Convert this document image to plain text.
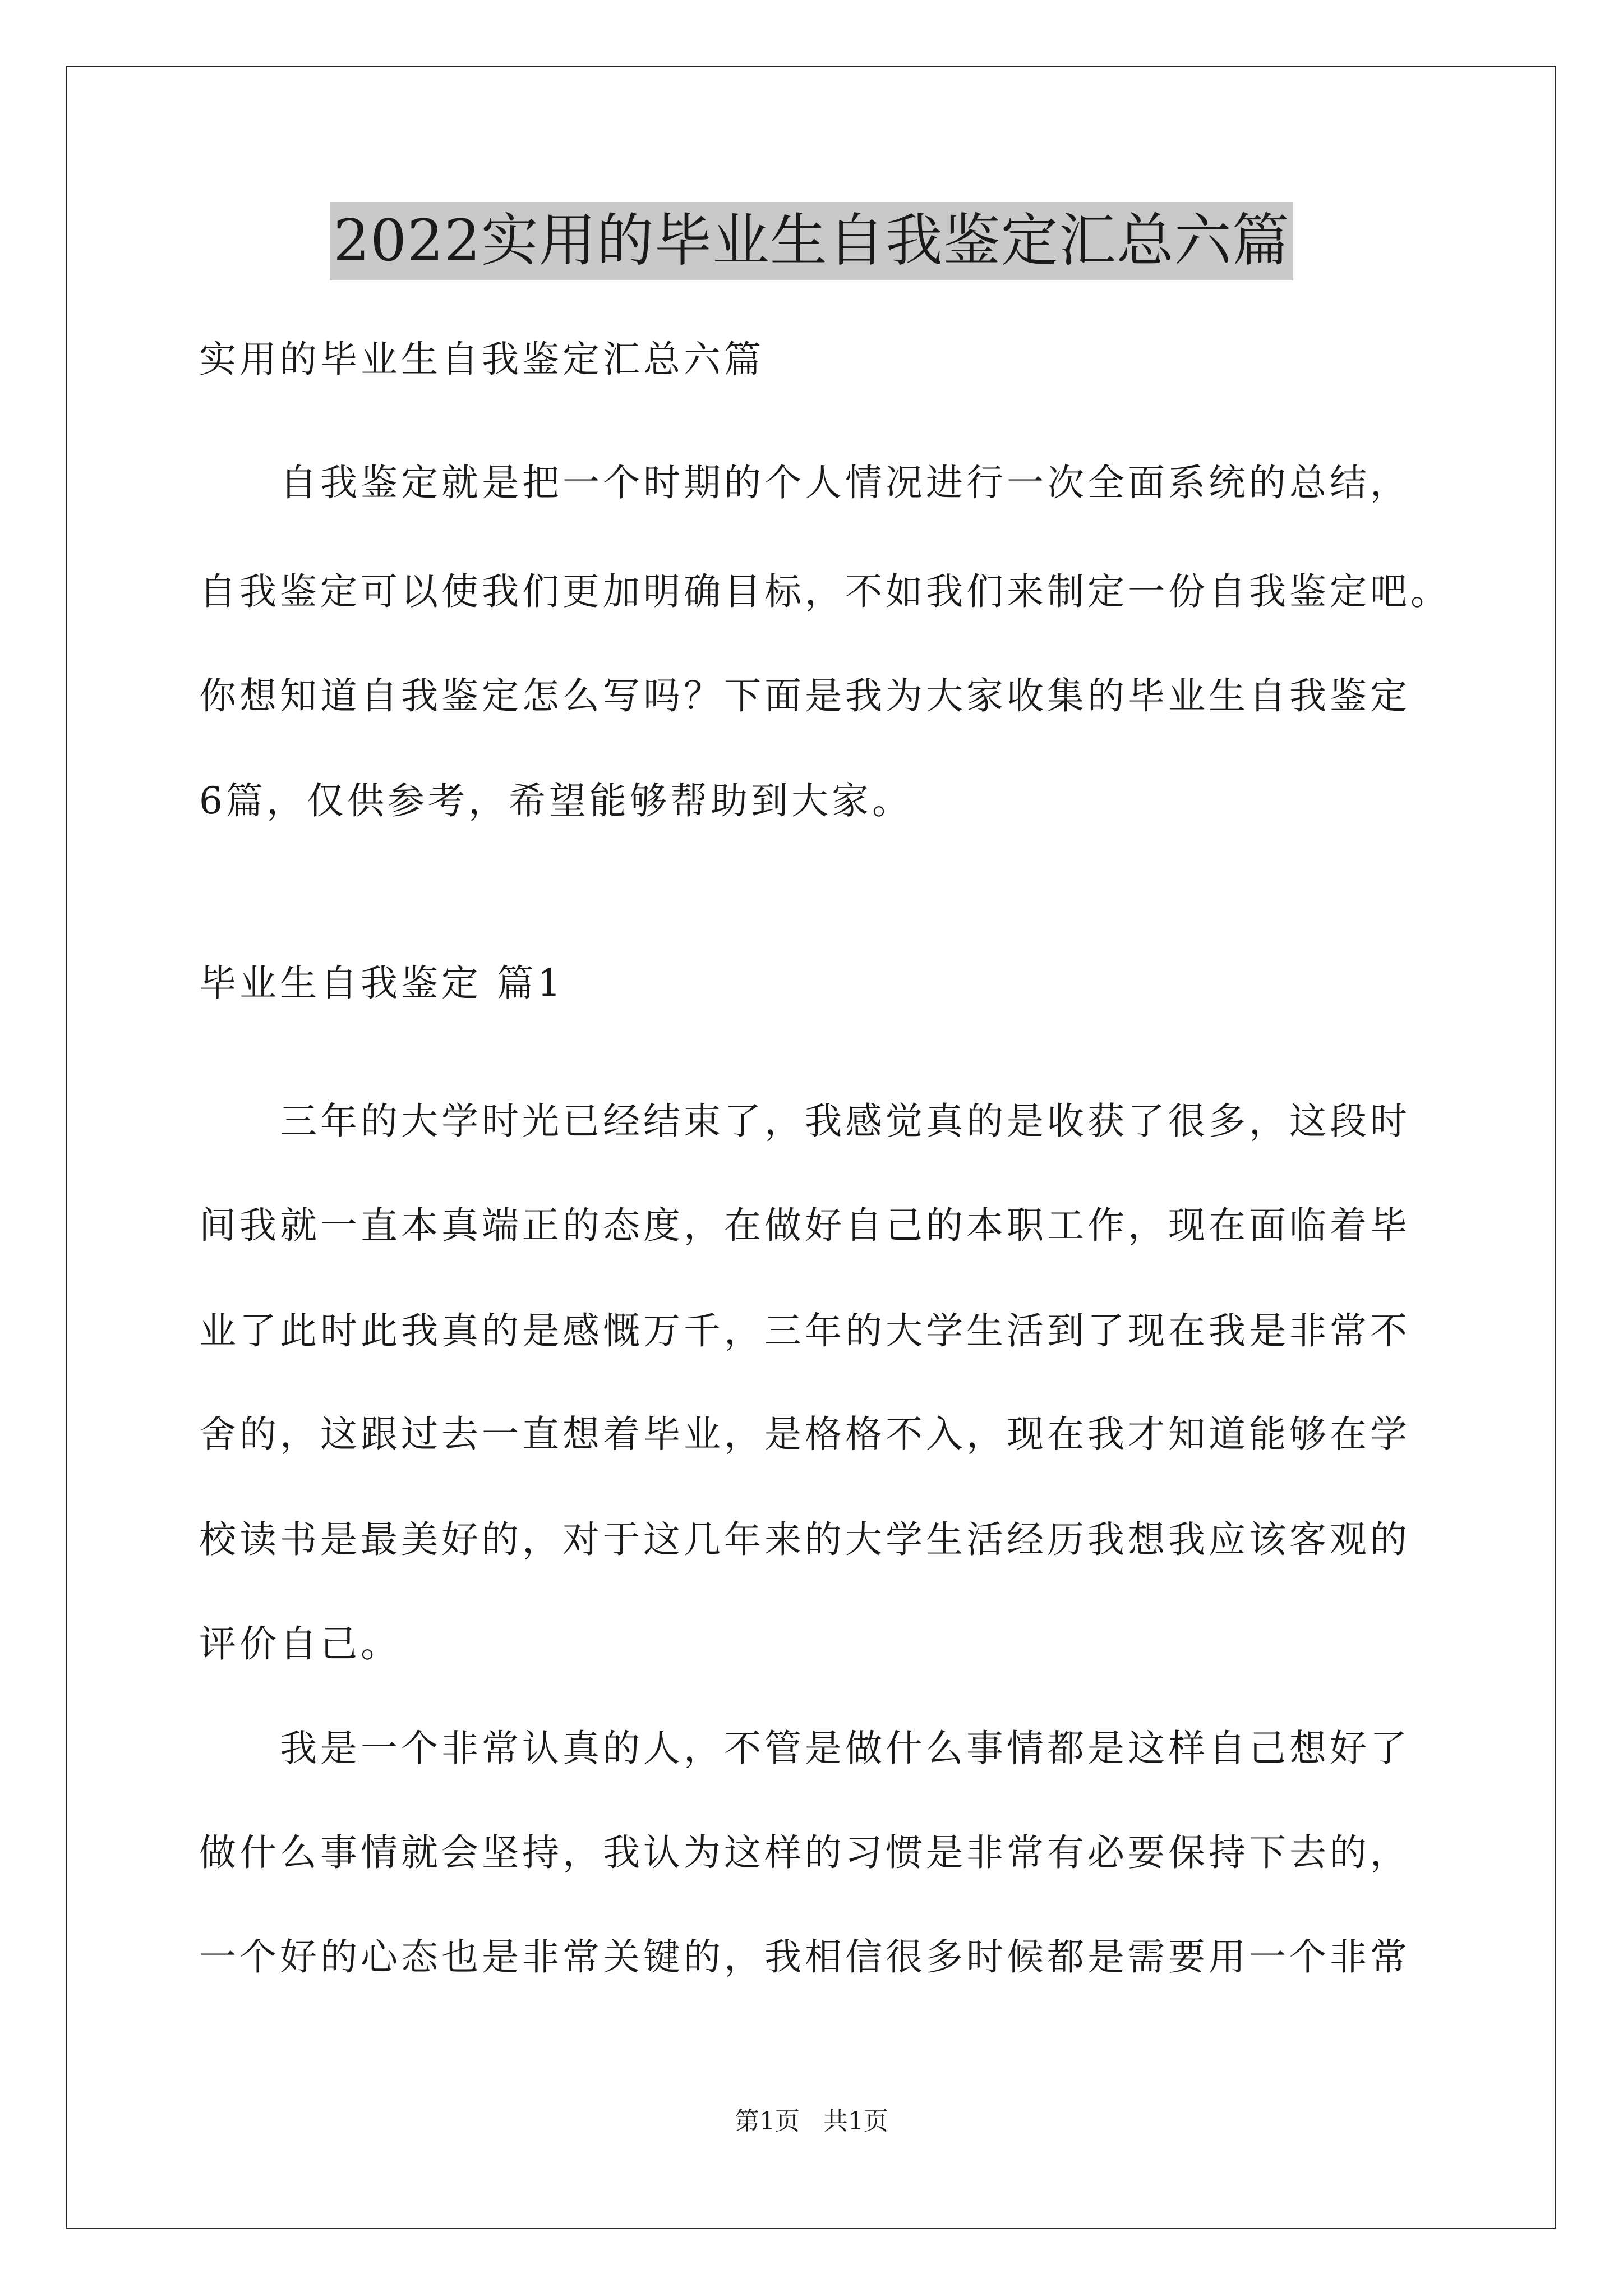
2022实用的毕业生自我鉴定汇总六篇
实用的毕业生自我鉴定汇总六篇
　　自我鉴定就是把一个时期的个人情况进行一次全面系统的总结，
自我鉴定可以使我们更加明确目标，不如我们来制定一份自我鉴定吧。
你想知道自我鉴定怎么写吗？下面是我为大家收集的毕业生自我鉴定
6篇，仅供参考，希望能够帮助到大家。
毕业生自我鉴定 篇1
　　三年的大学时光已经结束了，我感觉真的是收获了很多，这段时
间我就一直本真端正的态度，在做好自己的本职工作，现在面临着毕
业了此时此我真的是感慨万千，三年的大学生活到了现在我是非常不
舍的，这跟过去一直想着毕业，是格格不入，现在我才知道能够在学
校读书是最美好的，对于这几年来的大学生活经历我想我应该客观的
评价自己。
　　我是一个非常认真的人，不管是做什么事情都是这样自己想好了
做什么事情就会坚持，我认为这样的习惯是非常有必要保持下去的，
一个好的心态也是非常关键的，我相信很多时候都是需要用一个非常
第1页 共1页
